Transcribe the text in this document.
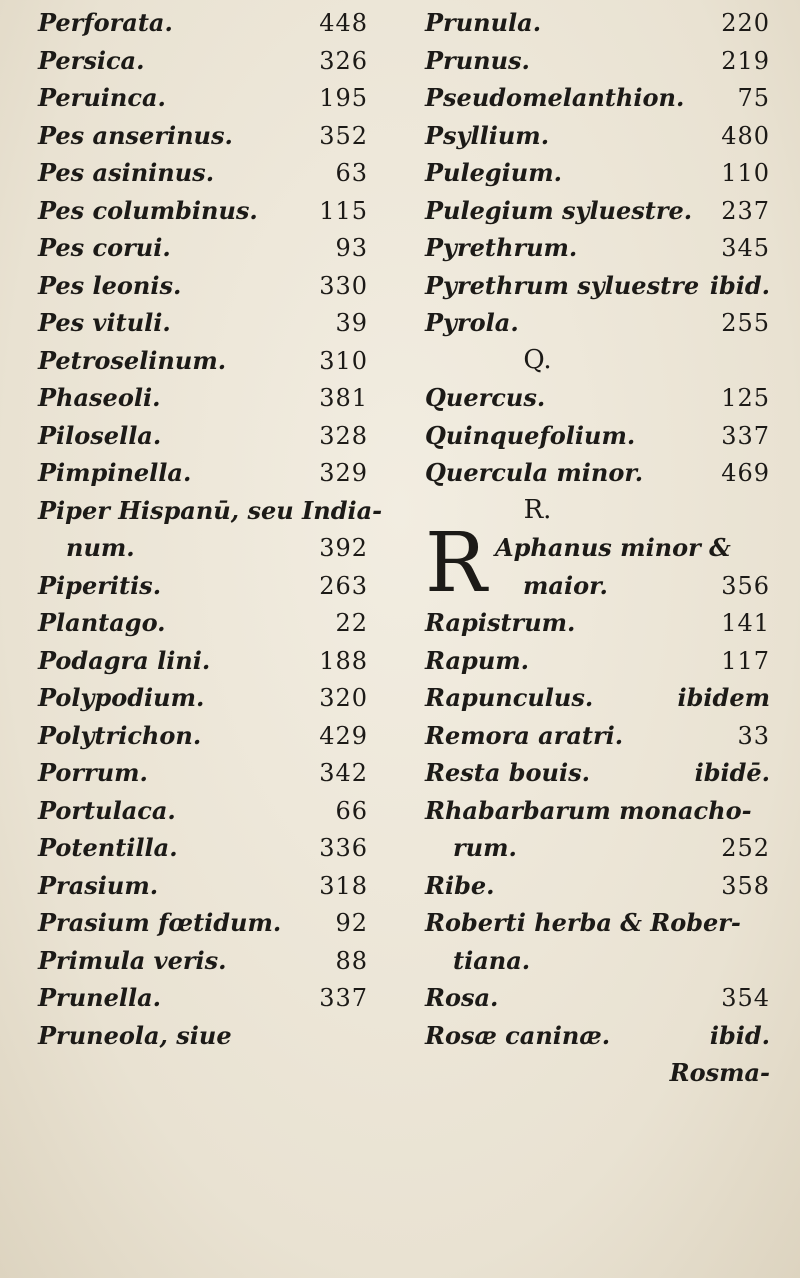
Perforata.	448
Persica.	326
Peruinca.	195
Pes anserinus.	352
Pes asininus.	63
Pes columbinus.	115
Pes corui.	93
Pes leonis.	330
Pes vituli.	39
Petroselinum.	310
Phaseoli.	381
Pilosella.	328
Pimpinella.	329
Piper Hispanū, seu India-
num.	392
Piperitis.	263
Plantago.	22
Podagra lini.	188
Polypodium.	320
Polytrichon.	429
Porrum.	342
Portulaca.	66
Potentilla.	336
Prasium.	318
Prasium fœtidum. 92
Primula veris.	88
Prunella.	337
Pruneola, siue
Prunula.	220
Prunus.	219
Pseudomelanthion. 75
Psyllium.	480
Pulegium.	110
Pulegium syluestre. 237
Pyrethrum.	345
Pyrethrum syluestre ibid.
Pyrola.	255
Q.
Quercus.	125
Quinquefolium.	337
Quercula minor.	469
R.
R Aphanus minor &
maior.	356
Rapistrum.	141
Rapum.	117
Rapunculus.	ibidem
Remora aratri.	33
Resta bouis.	ibidē.
Rhabarbarum monacho-
rum.	252
Ribe.	358
Roberti herba & Rober-
tiana.
Rosa.	354
Rosæ caninæ.	ibid.
Rosma-
